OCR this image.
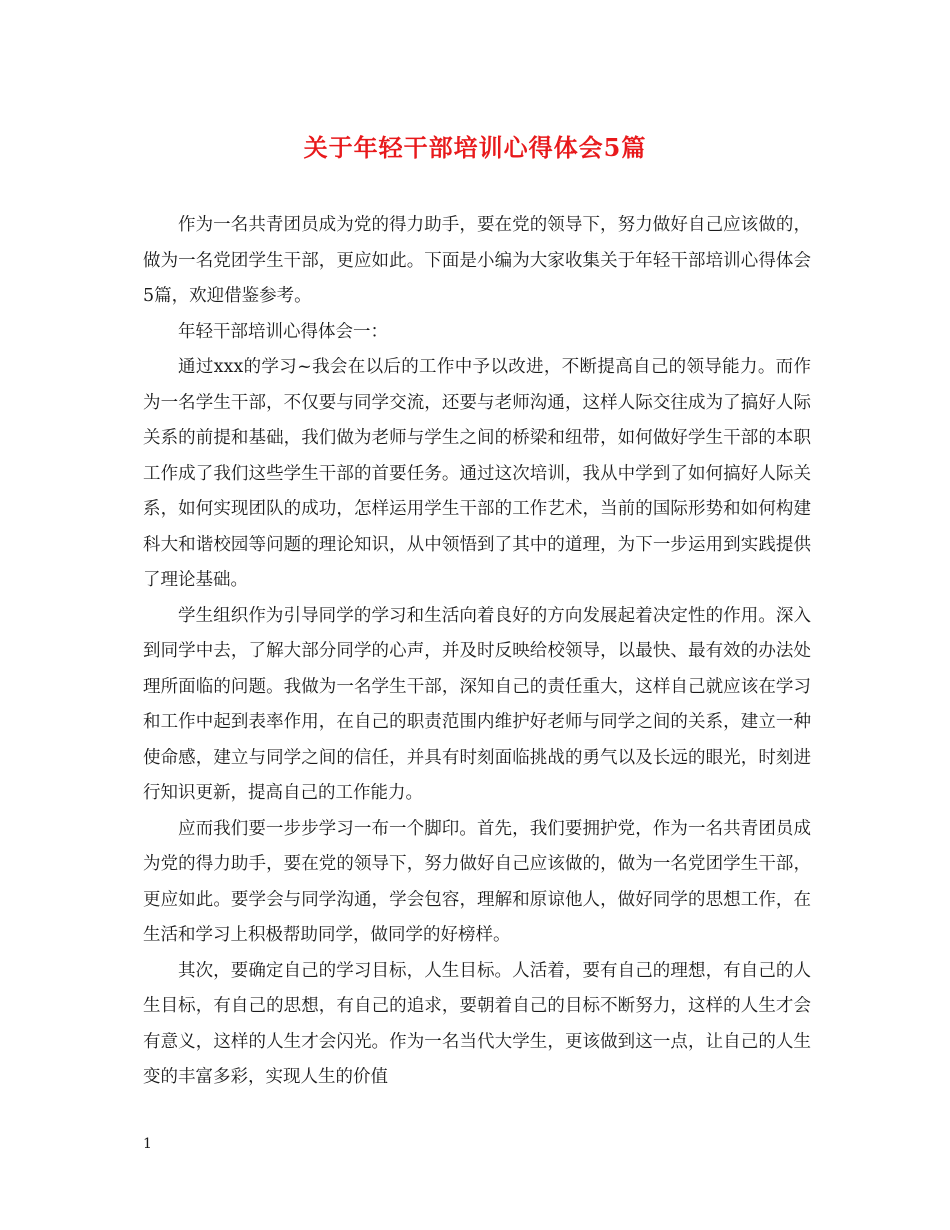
关于年轻干部培训心得体会5篇

作为一名共青团员成为党的得力助手，要在党的领导下，努力做好自己应该做的，做为一名党团学生干部，更应如此。下面是小编为大家收集关于年轻干部培训心得体会5篇，欢迎借鉴参考。

年轻干部培训心得体会一：

通过xxx的学习~我会在以后的工作中予以改进，不断提高自己的领导能力。而作为一名学生干部，不仅要与同学交流，还要与老师沟通，这样人际交往成为了搞好人际关系的前提和基础，我们做为老师与学生之间的桥梁和纽带，如何做好学生干部的本职工作成了我们这些学生干部的首要任务。通过这次培训，我从中学到了如何搞好人际关系，如何实现团队的成功，怎样运用学生干部的工作艺术，当前的国际形势和如何构建科大和谐校园等问题的理论知识，从中领悟到了其中的道理，为下一步运用到实践提供了理论基础。

学生组织作为引导同学的学习和生活向着良好的方向发展起着决定性的作用。深入到同学中去，了解大部分同学的心声，并及时反映给校领导，以最快、最有效的办法处理所面临的问题。我做为一名学生干部，深知自己的责任重大，这样自己就应该在学习和工作中起到表率作用，在自己的职责范围内维护好老师与同学之间的关系，建立一种使命感，建立与同学之间的信任，并具有时刻面临挑战的勇气以及长远的眼光，时刻进行知识更新，提高自己的工作能力。

应而我们要一步步学习一布一个脚印。首先，我们要拥护党，作为一名共青团员成为党的得力助手，要在党的领导下，努力做好自己应该做的，做为一名党团学生干部，更应如此。要学会与同学沟通，学会包容，理解和原谅他人，做好同学的思想工作，在生活和学习上积极帮助同学，做同学的好榜样。

其次，要确定自己的学习目标，人生目标。人活着，要有自己的理想，有自己的人生目标，有自己的思想，有自己的追求，要朝着自己的目标不断努力，这样的人生才会有意义，这样的人生才会闪光。作为一名当代大学生，更该做到这一点，让自己的人生变的丰富多彩，实现人生的价值

1
